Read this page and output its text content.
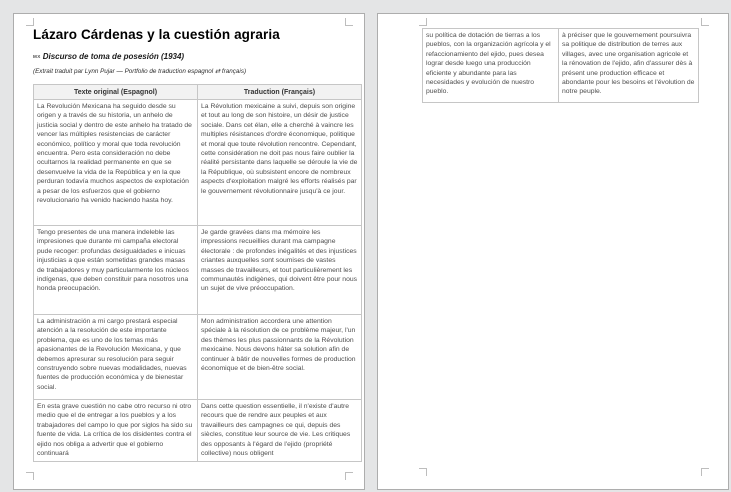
Lázaro Cárdenas y la cuestión agraria
MX Discurso de toma de posesión (1934)
(Extrait traduit par Lynn Pujar — Portfolio de traduction espagnol ⇄ français)
Texte original (Espagnol)	Traduction (Français)
La Revolución Mexicana ha seguido desde su origen y a través de su historia, un anhelo de justicia social y dentro de este anhelo ha tratado de vencer las múltiples resistencias de carácter económico, político y moral que toda revolución encuentra. Pero esta consideración no debe ocultarnos la realidad permanente en que se desenvuelve la vida de la República y en la que perduran todavía muchos aspectos de explotación a pesar de los esfuerzos que el gobierno revolucionario ha venido haciendo hasta hoy.	La Révolution mexicaine a suivi, depuis son origine et tout au long de son histoire, un désir de justice sociale. Dans cet élan, elle a cherché à vaincre les multiples résistances d'ordre économique, politique et moral que toute révolution rencontre. Cependant, cette considération ne doit pas nous faire oublier la réalité persistante dans laquelle se déroule la vie de la République, où subsistent encore de nombreux aspects d'exploitation malgré les efforts réalisés par le gouvernement révolutionnaire jusqu'à ce jour.
Tengo presentes de una manera indeleble las impresiones que durante mi campaña electoral pude recoger: profundas desigualdades e inicuas injusticias a que están sometidas grandes masas de trabajadores y muy particularmente los núcleos indígenas, que deben constituir para nosotros una honda preocupación.	Je garde gravées dans ma mémoire les impressions recueillies durant ma campagne électorale : de profondes inégalités et des injustices criantes auxquelles sont soumises de vastes masses de travailleurs, et tout particulièrement les communautés indigènes, qui doivent être pour nous un sujet de vive préoccupation.
La administración a mi cargo prestará especial atención a la resolución de este importante problema, que es uno de los temas más apasionantes de la Revolución Mexicana, y que debemos apresurar su resolución para seguir construyendo sobre nuevas modalidades, nuevas fuentes de producción económica y de bienestar social.	Mon administration accordera une attention spéciale à la résolution de ce problème majeur, l'un des thèmes les plus passionnants de la Révolution mexicaine. Nous devons hâter sa solution afin de continuer à bâtir de nouvelles formes de production économique et de bien-être social.
En esta grave cuestión no cabe otro recurso ni otro medio que el de entregar a los pueblos y a los trabajadores del campo lo que por siglos ha sido su fuente de vida. La crítica de los disidentes contra el ejido nos obliga a advertir que el gobierno continuará	Dans cette question essentielle, il n'existe d'autre recours que de rendre aux peuples et aux travailleurs des campagnes ce qui, depuis des siècles, constitue leur source de vie. Les critiques des opposants à l'égard de l'ejido (propriété collective) nous obligent
su política de dotación de tierras a los pueblos, con la organización agrícola y el refaccionamiento del ejido, pues desea lograr desde luego una producción eficiente y abundante para las necesidades y evolución de nuestro pueblo.	à préciser que le gouvernement poursuivra sa politique de distribution de terres aux villages, avec une organisation agricole et la rénovation de l'ejido, afin d'assurer dès à présent une production efficace et abondante pour les besoins et l'évolution de notre peuple.
